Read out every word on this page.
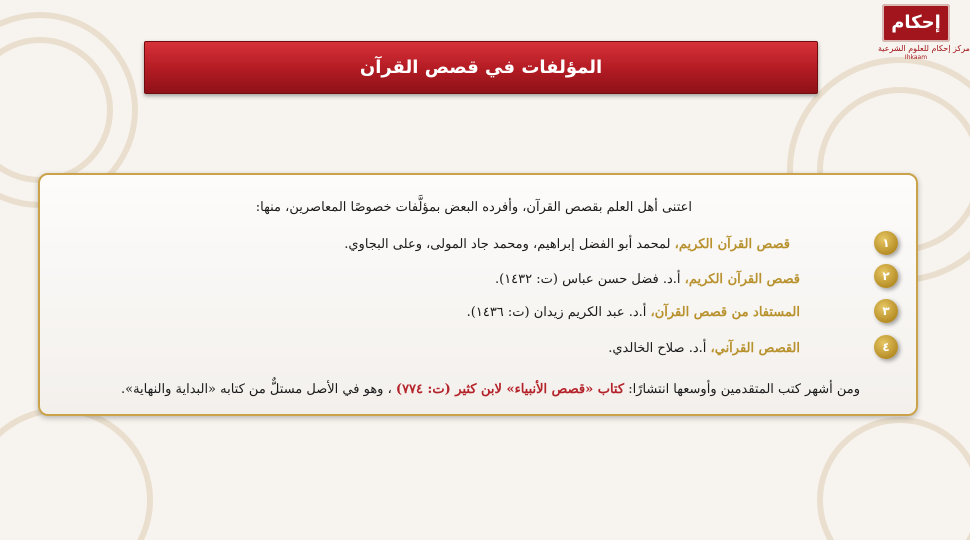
إحكام
مركز إحكام للعلوم الشرعية
Ihkaam
المؤلفات في قصص القرآن
اعتنى أهل العلم بقصص القرآن، وأفرده البعض بمؤلَّفات خصوصًا المعاصرين، منها:
قصص القرآن الكريم، لمحمد أبو الفضل إبراهيم، ومحمد جاد المولى، وعلى البجاوي.	١
قصص القرآن الكريم، أ.د. فضل حسن عباس (ت: ١٤٣٢).	٢
المستفاد من قصص القرآن، أ.د. عبد الكريم زيدان (ت: ١٤٣٦).	٣
القصص القرآني، أ.د. صلاح الخالدي.	٤
ومن أشهر كتب المتقدمين وأوسعها انتشارًا: كتاب «قصص الأنبياء» لابن كثير (ت: ٧٧٤) ، وهو في الأصل مستلٌّ من كتابه «البداية والنهاية».
